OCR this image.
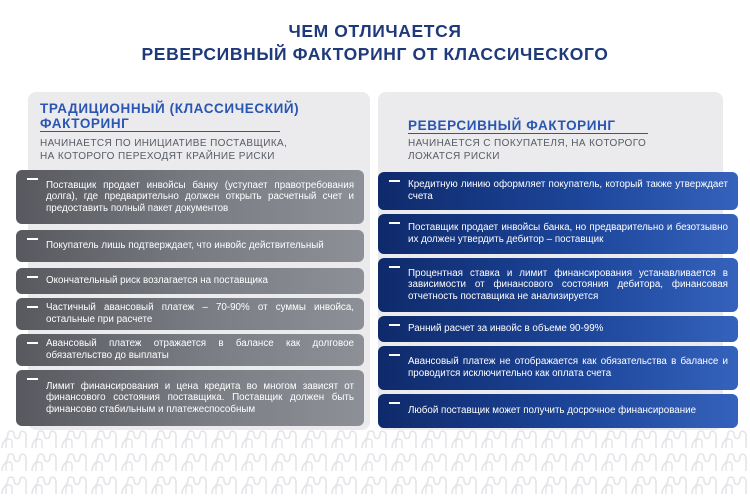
ЧЕМ ОТЛИЧАЕТСЯ
РЕВЕРСИВНЫЙ ФАКТОРИНГ ОТ КЛАССИЧЕСКОГО
ТРАДИЦИОННЫЙ (КЛАССИЧЕСКИЙ)
ФАКТОРИНГ
НАЧИНАЕТСЯ ПО ИНИЦИАТИВЕ ПОСТАВЩИКА,
НА КОТОРОГО ПЕРЕХОДЯТ КРАЙНИЕ РИСКИ
РЕВЕРСИВНЫЙ ФАКТОРИНГ
НАЧИНАЕТСЯ С ПОКУПАТЕЛЯ, НА КОТОРОГО
ЛОЖАТСЯ РИСКИ
Поставщик продает инвойсы банку (уступает правотребования долга), где предварительно должен открыть расчетный счет и предоставить полный пакет документов
Покупатель лишь подтверждает, что инвойс действительный
Окончательный риск возлагается на поставщика
Частичный авансовый платеж – 70-90% от суммы инвойса, остальные при расчете
Авансовый платеж отражается в балансе как долговое обязательство до выплаты
Лимит финансирования и цена кредита во многом зависят от финансового состояния поставщика. Поставщик должен быть финансово стабильным и платежеспособным
Кредитную линию оформляет покупатель, который также утверждает счета
Поставщик продает инвойсы банка, но предварительно и безотзывно их должен утвердить дебитор – поставщик
Процентная ставка и лимит финансирования устанавливается в зависимости от финансового состояния дебитора, финансовая отчетность поставщика не анализируется
Ранний расчет за инвойс в объеме 90-99%
Авансовый платеж не отображается как обязательства в балансе и проводится исключительно как оплата счета
Любой поставщик может получить досрочное финансирование
